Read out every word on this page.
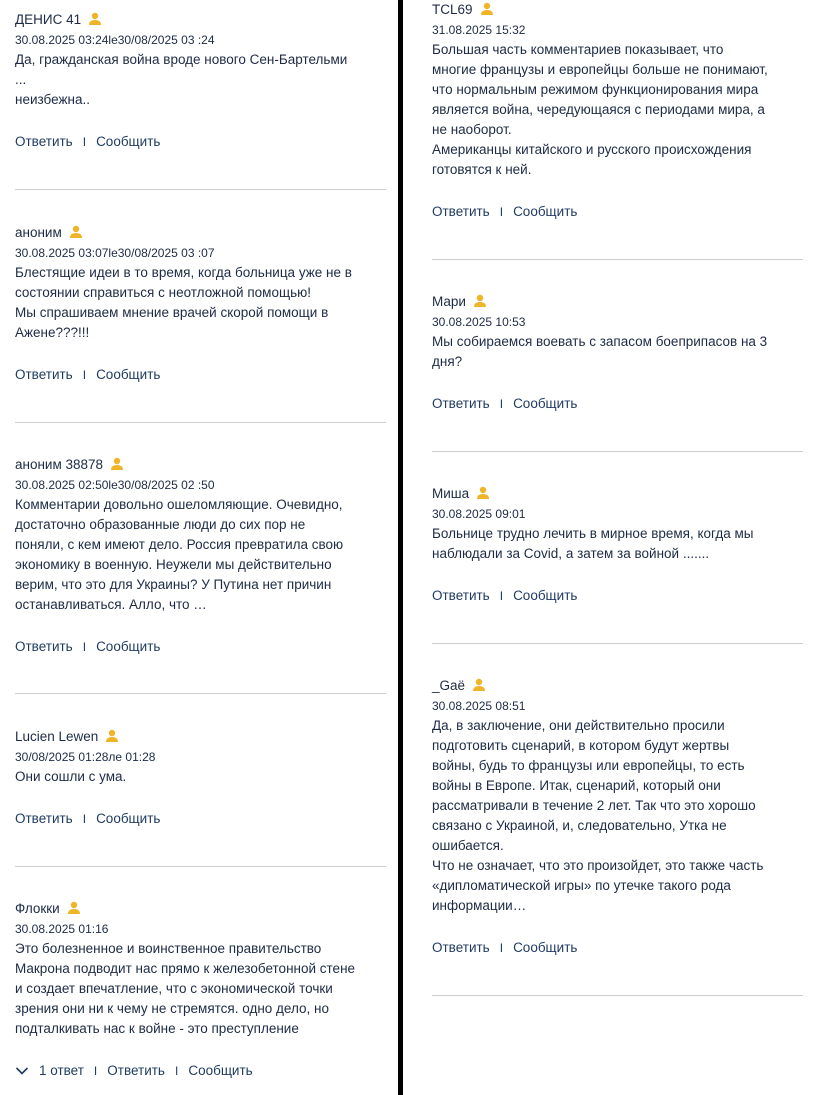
ДЕНИС 41
30.08.2025 03:24le30/08/2025 03 :24
Да, гражданская война вроде нового Сен-Бартельми
...
неизбежна..
Ответить I Сообщить
аноним
30.08.2025 03:07le30/08/2025 03 :07
Блестящие идеи в то время, когда больница уже не в
состоянии справиться с неотложной помощью!
Мы спрашиваем мнение врачей скорой помощи в
Ажене???!!!
Ответить I Сообщить
аноним 38878
30.08.2025 02:50le30/08/2025 02 :50
Комментарии довольно ошеломляющие. Очевидно,
достаточно образованные люди до сих пор не
поняли, с кем имеют дело. Россия превратила свою
экономику в военную. Неужели мы действительно
верим, что это для Украины? У Путина нет причин
останавливаться. Алло, что …
Ответить I Сообщить
Lucien Lewen
30/08/2025 01:28ле 01:28
Они сошли с ума.
Ответить I Сообщить
Флокки
30.08.2025 01:16
Это болезненное и воинственное правительство
Макрона подводит нас прямо к железобетонной стене
и создает впечатление, что с экономической точки
зрения они ни к чему не стремятся. одно дело, но
подталкивать нас к войне - это преступление
1 ответ I Ответить I Сообщить
TCL69
31.08.2025 15:32
Большая часть комментариев показывает, что
многие французы и европейцы больше не понимают,
что нормальным режимом функционирования мира
является война, чередующаяся с периодами мира, а
не наоборот.
Американцы китайского и русского происхождения
готовятся к ней.
Ответить I Сообщить
Мари
30.08.2025 10:53
Мы собираемся воевать с запасом боеприпасов на 3
дня?
Ответить I Сообщить
Миша
30.08.2025 09:01
Больнице трудно лечить в мирное время, когда мы
наблюдали за Covid, а затем за войной .......
Ответить I Сообщить
_Gaë
30.08.2025 08:51
Да, в заключение, они действительно просили
подготовить сценарий, в котором будут жертвы
войны, будь то французы или европейцы, то есть
войны в Европе. Итак, сценарий, который они
рассматривали в течение 2 лет. Так что это хорошо
связано с Украиной, и, следовательно, Утка не
ошибается.
Что не означает, что это произойдет, это также часть
«дипломатической игры» по утечке такого рода
информации…
Ответить I Сообщить
